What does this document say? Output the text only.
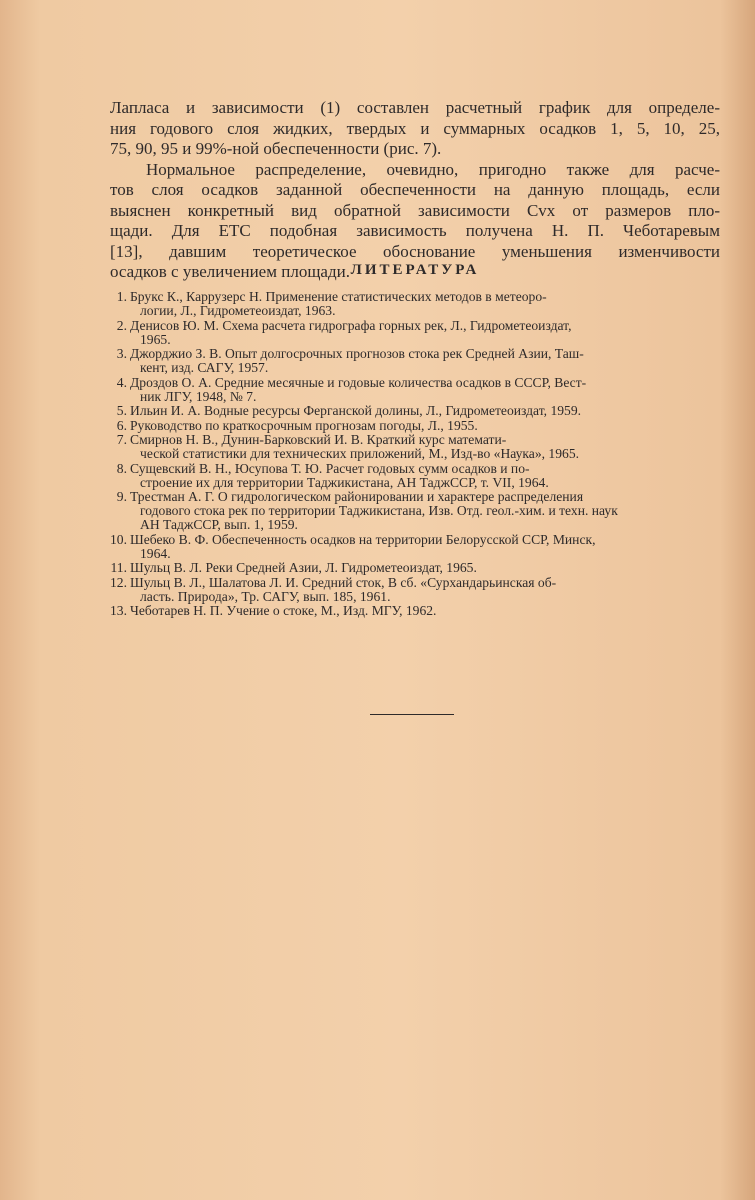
Лапласа и зависимости (1) составлен расчетный график для определе-
ния годового слоя жидких, твердых и суммарных осадков 1, 5, 10, 25,
75, 90, 95 и 99%-ной обеспеченности (рис. 7).
Нормальное распределение, очевидно, пригодно также для расче-
тов слоя осадков заданной обеспеченности на данную площадь, если
выяснен конкретный вид обратной зависимости Cvx от размеров пло-
щади. Для ЕТС подобная зависимость получена Н. П. Чеботаревым
[13], давшим теоретическое обоснование уменьшения изменчивости
осадков с увеличением площади. ЛИТЕРАТУРА
1. Брукс К., Каррузерс Н. Применение статистических методов в метеоро-
логии, Л., Гидрометеоиздат, 1963.
2. Денисов Ю. М. Схема расчета гидрографа горных рек, Л., Гидрометеоиздат,
1965.
3. Джорджио З. В. Опыт долгосрочных прогнозов стока рек Средней Азии, Таш-
кент, изд. САГУ, 1957.
4. Дроздов О. А. Средние месячные и годовые количества осадков в СССР, Вест-
ник ЛГУ, 1948, № 7.
5. Ильин И. А. Водные ресурсы Ферганской долины, Л., Гидрометеоиздат, 1959.
6. Руководство по краткосрочным прогнозам погоды, Л., 1955.
7. Смирнов Н. В., Дунин-Барковский И. В. Краткий курс математи-
ческой статистики для технических приложений, М., Изд-во «Наука», 1965.
8. Сущевский В. Н., Юсупова Т. Ю. Расчет годовых сумм осадков и по-
строение их для территории Таджикистана, АН ТаджССР, т. VII, 1964.
9. Трестман А. Г. О гидрологическом районировании и характере распределения
годового стока рек по территории Таджикистана, Изв. Отд. геол.-хим. и техн. наук
АН ТаджССР, вып. 1, 1959.
10. Шебеко В. Ф. Обеспеченность осадков на территории Белорусской ССР, Минск,
1964.
11. Шульц В. Л. Реки Средней Азии, Л. Гидрометеоиздат, 1965.
12. Шульц В. Л., Шалатова Л. И. Средний сток, В сб. «Сурхандарьинская об-
ласть. Природа», Тр. САГУ, вып. 185, 1961.
13. Чеботарев Н. П. Учение о стоке, М., Изд. МГУ, 1962.
